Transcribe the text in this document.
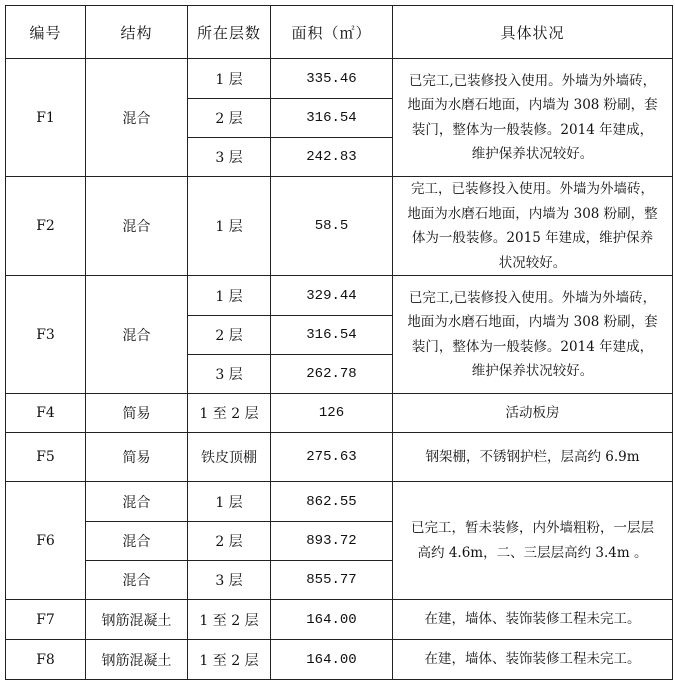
编号	结构	所在层数	面积（㎡）	具体状况
F1	混合	1 层	335.46	已完工,已装修投入使用。外墙为外墙砖，
地面为水磨石地面，内墙为 308 粉刷，套
装门，整体为一般装修。2014 年建成，
维护保养状况较好。

		2 层	316.54	
		3 层	242.83	
F2	混合	1 层	58.5	完工，已装修投入使用。外墙为外墙砖，
地面为水磨石地面，内墙为 308 粉刷，整
体为一般装修。2015 年建成，维护保养
状况较好。

F3	混合	1 层	329.44	已完工,已装修投入使用。外墙为外墙砖，
地面为水磨石地面，内墙为 308 粉刷，套
装门，整体为一般装修。2014 年建成，
维护保养状况较好。

		2 层	316.54	
		3 层	262.78	
F4	简易	1 至 2 层	126	活动板房
F5	简易	铁皮顶棚	275.63	钢架棚，不锈钢护栏，层高约 6.9m
F6	混合	1 层	862.55	已完工，暂未装修，内外墙粗粉，一层层
高约 4.6m，二、三层层高约 3.4m 。

	混合	2 层	893.72	
	混合	3 层	855.77	
F7	钢筋混凝土	1 至 2 层	164.00	在建，墙体、装饰装修工程未完工。
F8	钢筋混凝土	1 至 2 层	164.00	在建，墙体、装饰装修工程未完工。
